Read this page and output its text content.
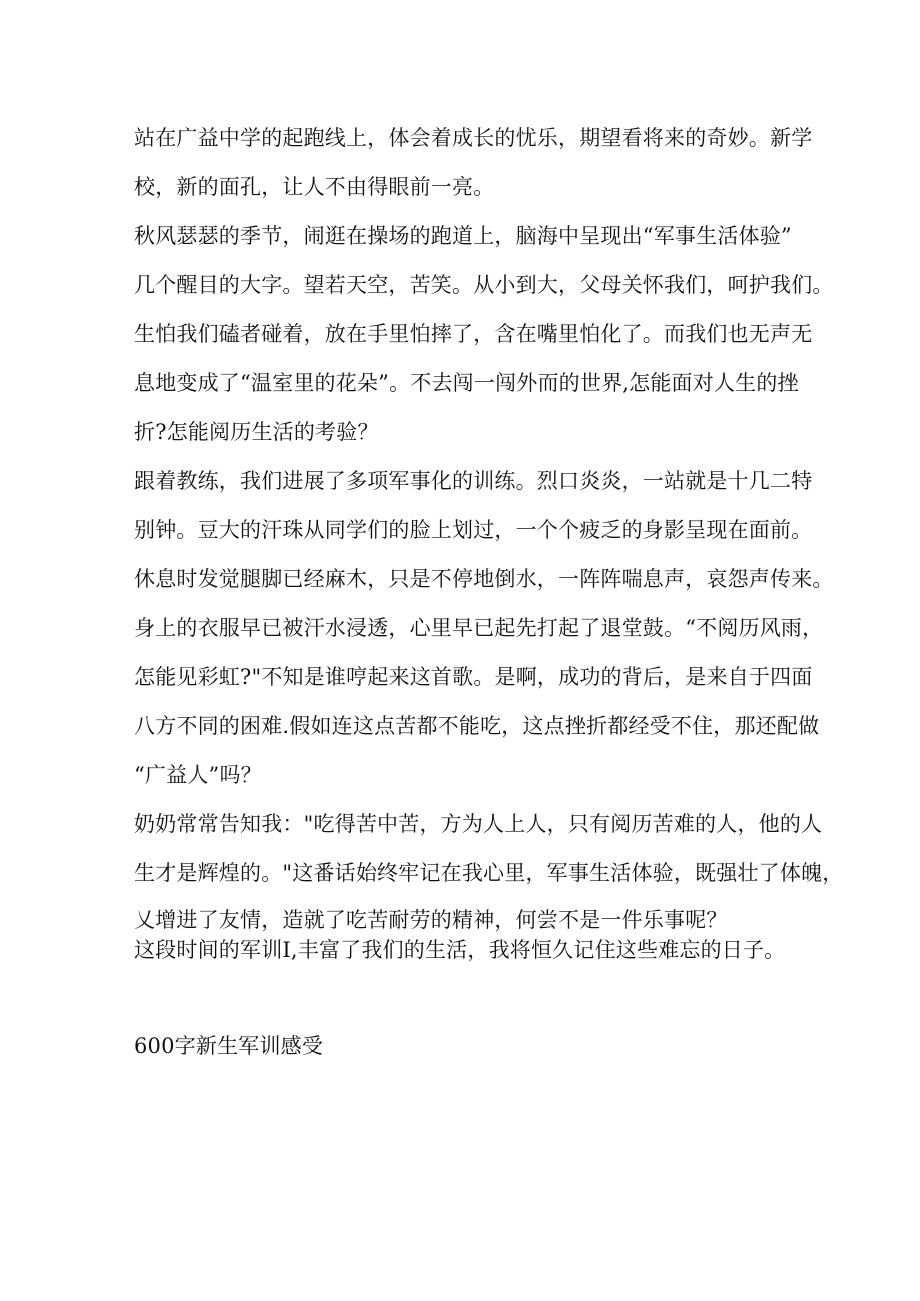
站在广益中学的起跑线上，体会着成长的忧乐，期望看将来的奇妙。新学
校，新的面孔，让人不由得眼前一亮。
秋风瑟瑟的季节，闹逛在操场的跑道上，脑海中呈现出“军事生活体验”
几个醒目的大字。望若天空，苦笑。从小到大，父母关怀我们，呵护我们。
生怕我们磕者碰着，放在手里怕摔了，含在嘴里怕化了。而我们也无声无
息地变成了“温室里的花朵”。不去闯一闯外而的世界,怎能面对人生的挫
折?怎能阅历生活的考验？
跟着教练，我们进展了多项军事化的训练。烈口炎炎，一站就是十几二特
别钟。豆大的汗珠从同学们的脸上划过，一个个疲乏的身影呈现在面前。
休息时发觉腿脚已经麻木，只是不停地倒水，一阵阵喘息声，哀怨声传来。
身上的衣服早已被汗水浸透，心里早已起先打起了退堂鼓。“不阅历风雨，
怎能见彩虹?"不知是谁哼起来这首歌。是啊，成功的背后，是来自于四面
八方不同的困难.假如连这点苦都不能吃，这点挫折都经受不住，那还配做
“广益人”吗？
奶奶常常告知我："吃得苦中苦，方为人上人，只有阅历苦难的人，他的人
生才是辉煌的。"这番话始终牢记在我心里，军事生活体验，既强壮了体魄，
乂增进了友情，造就了吃苦耐劳的精神，何尝不是一件乐事呢？
这段时间的军训I,丰富了我们的生活，我将恒久记住这些难忘的日子。
600字新生军训感受
